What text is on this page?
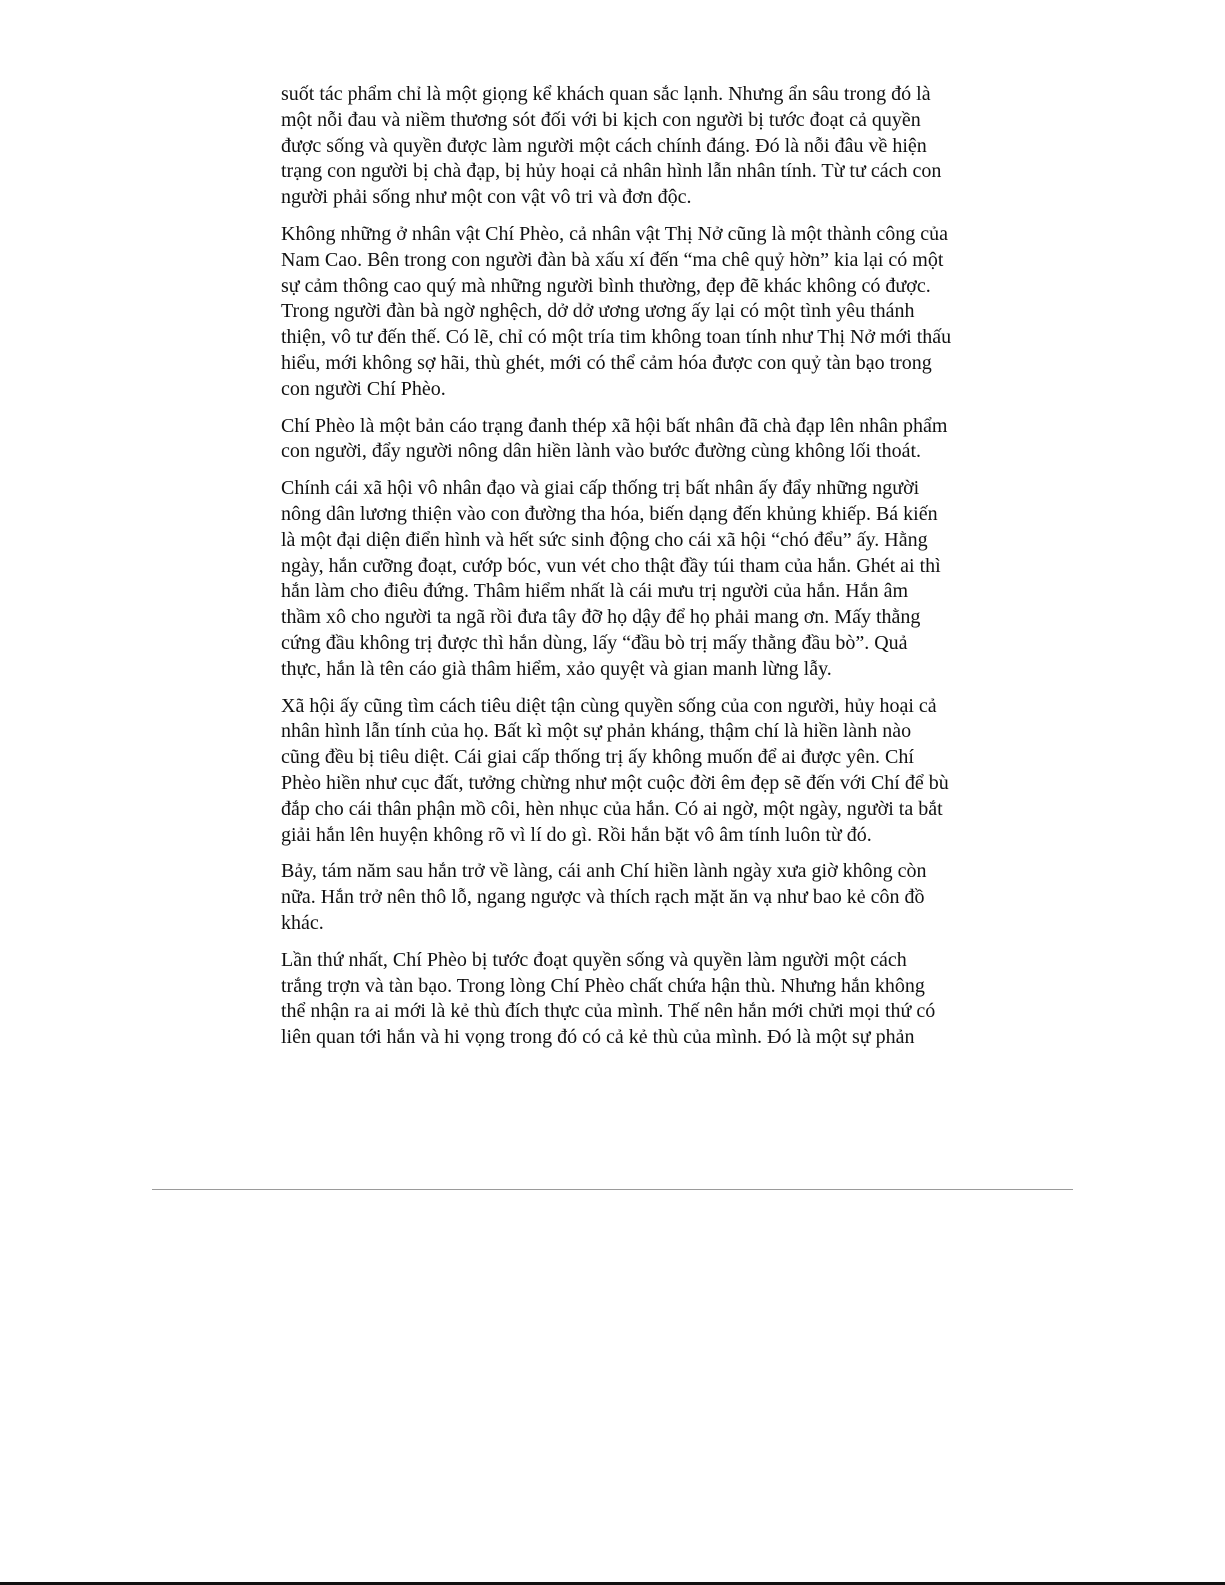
suốt tác phẩm chỉ là một giọng kể khách quan sắc lạnh. Nhưng ẩn sâu trong đó là
một nỗi đau và niềm thương sót đối với bi kịch con người bị tước đoạt cả quyền
được sống và quyền được làm người một cách chính đáng. Đó là nỗi đâu về hiện
trạng con người bị chà đạp, bị hủy hoại cả nhân hình lẫn nhân tính. Từ tư cách con
người phải sống như một con vật vô tri và đơn độc.

Không những ở nhân vật Chí Phèo, cả nhân vật Thị Nở cũng là một thành công của
Nam Cao. Bên trong con người đàn bà xấu xí đến “ma chê quỷ hờn” kia lại có một
sự cảm thông cao quý mà những người bình thường, đẹp đẽ khác không có được.
Trong người đàn bà ngờ nghệch, dở dở ương ương ấy lại có một tình yêu thánh
thiện, vô tư đến thế. Có lẽ, chỉ có một tría tim không toan tính như Thị Nở mới thấu
hiểu, mới không sợ hãi, thù ghét, mới có thể cảm hóa được con quỷ tàn bạo trong
con người Chí Phèo.

Chí Phèo là một bản cáo trạng đanh thép xã hội bất nhân đã chà đạp lên nhân phẩm
con người, đẩy người nông dân hiền lành vào bước đường cùng không lối thoát.

Chính cái xã hội vô nhân đạo và giai cấp thống trị bất nhân ấy đẩy những người
nông dân lương thiện vào con đường tha hóa, biến dạng đến khủng khiếp. Bá kiến
là một đại diện điển hình và hết sức sinh động cho cái xã hội “chó đểu” ấy. Hằng
ngày, hắn cưỡng đoạt, cướp bóc, vun vét cho thật đầy túi tham của hắn. Ghét ai thì
hắn làm cho điêu đứng. Thâm hiểm nhất là cái mưu trị người của hắn. Hắn âm
thầm xô cho người ta ngã rồi đưa tây đỡ họ dậy để họ phải mang ơn. Mấy thằng
cứng đầu không trị được thì hắn dùng, lấy “đầu bò trị mấy thằng đầu bò”. Quả
thực, hắn là tên cáo già thâm hiểm, xảo quyệt và gian manh lừng lẫy.

Xã hội ấy cũng tìm cách tiêu diệt tận cùng quyền sống của con người, hủy hoại cả
nhân hình lẫn tính của họ. Bất kì một sự phản kháng, thậm chí là hiền lành nào
cũng đều bị tiêu diệt. Cái giai cấp thống trị ấy không muốn để ai được yên. Chí
Phèo hiền như cục đất, tưởng chừng như một cuộc đời êm đẹp sẽ đến với Chí để bù
đắp cho cái thân phận mồ côi, hèn nhục của hắn. Có ai ngờ, một ngày, người ta bắt
giải hắn lên huyện không rõ vì lí do gì. Rồi hắn bặt vô âm tính luôn từ đó.

Bảy, tám năm sau hắn trở về làng, cái anh Chí hiền lành ngày xưa giờ không còn
nữa. Hắn trở nên thô lỗ, ngang ngược và thích rạch mặt ăn vạ như bao kẻ côn đồ
khác.

Lần thứ nhất, Chí Phèo bị tước đoạt quyền sống và quyền làm người một cách
trắng trợn và tàn bạo. Trong lòng Chí Phèo chất chứa hận thù. Nhưng hắn không
thể nhận ra ai mới là kẻ thù đích thực của mình. Thế nên hắn mới chửi mọi thứ có
liên quan tới hắn và hi vọng trong đó có cả kẻ thù của mình. Đó là một sự phản
